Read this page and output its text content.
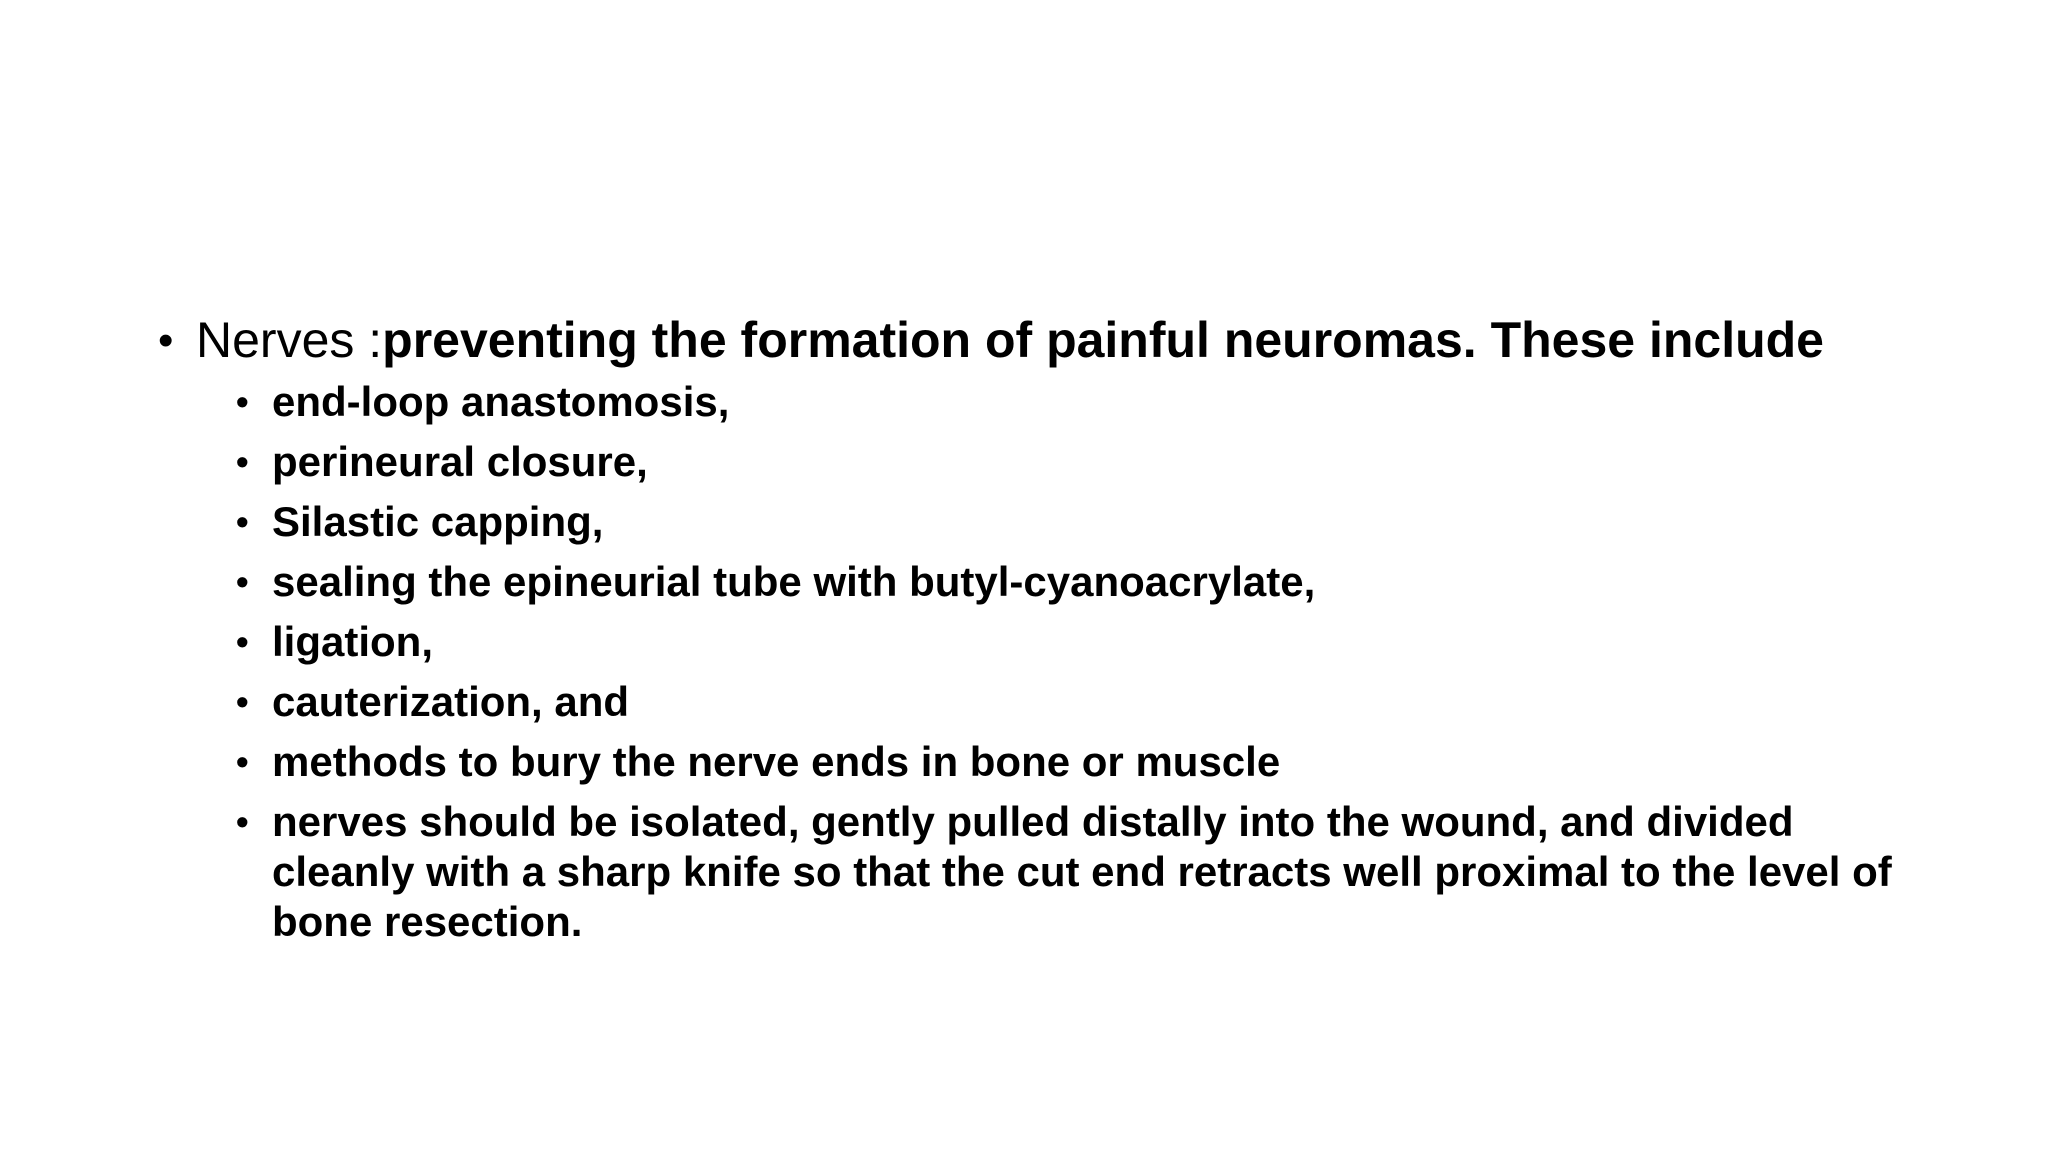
• Nerves :preventing the formation of painful neuromas. These include
• end-loop anastomosis,
• perineural closure,
• Silastic capping,
• sealing the epineurial tube with butyl-cyanoacrylate,
• ligation,
• cauterization, and
• methods to bury the nerve ends in bone or muscle
• nerves should be isolated, gently pulled distally into the wound, and divided cleanly with a sharp knife so that the cut end retracts well proximal to the level of bone resection.
